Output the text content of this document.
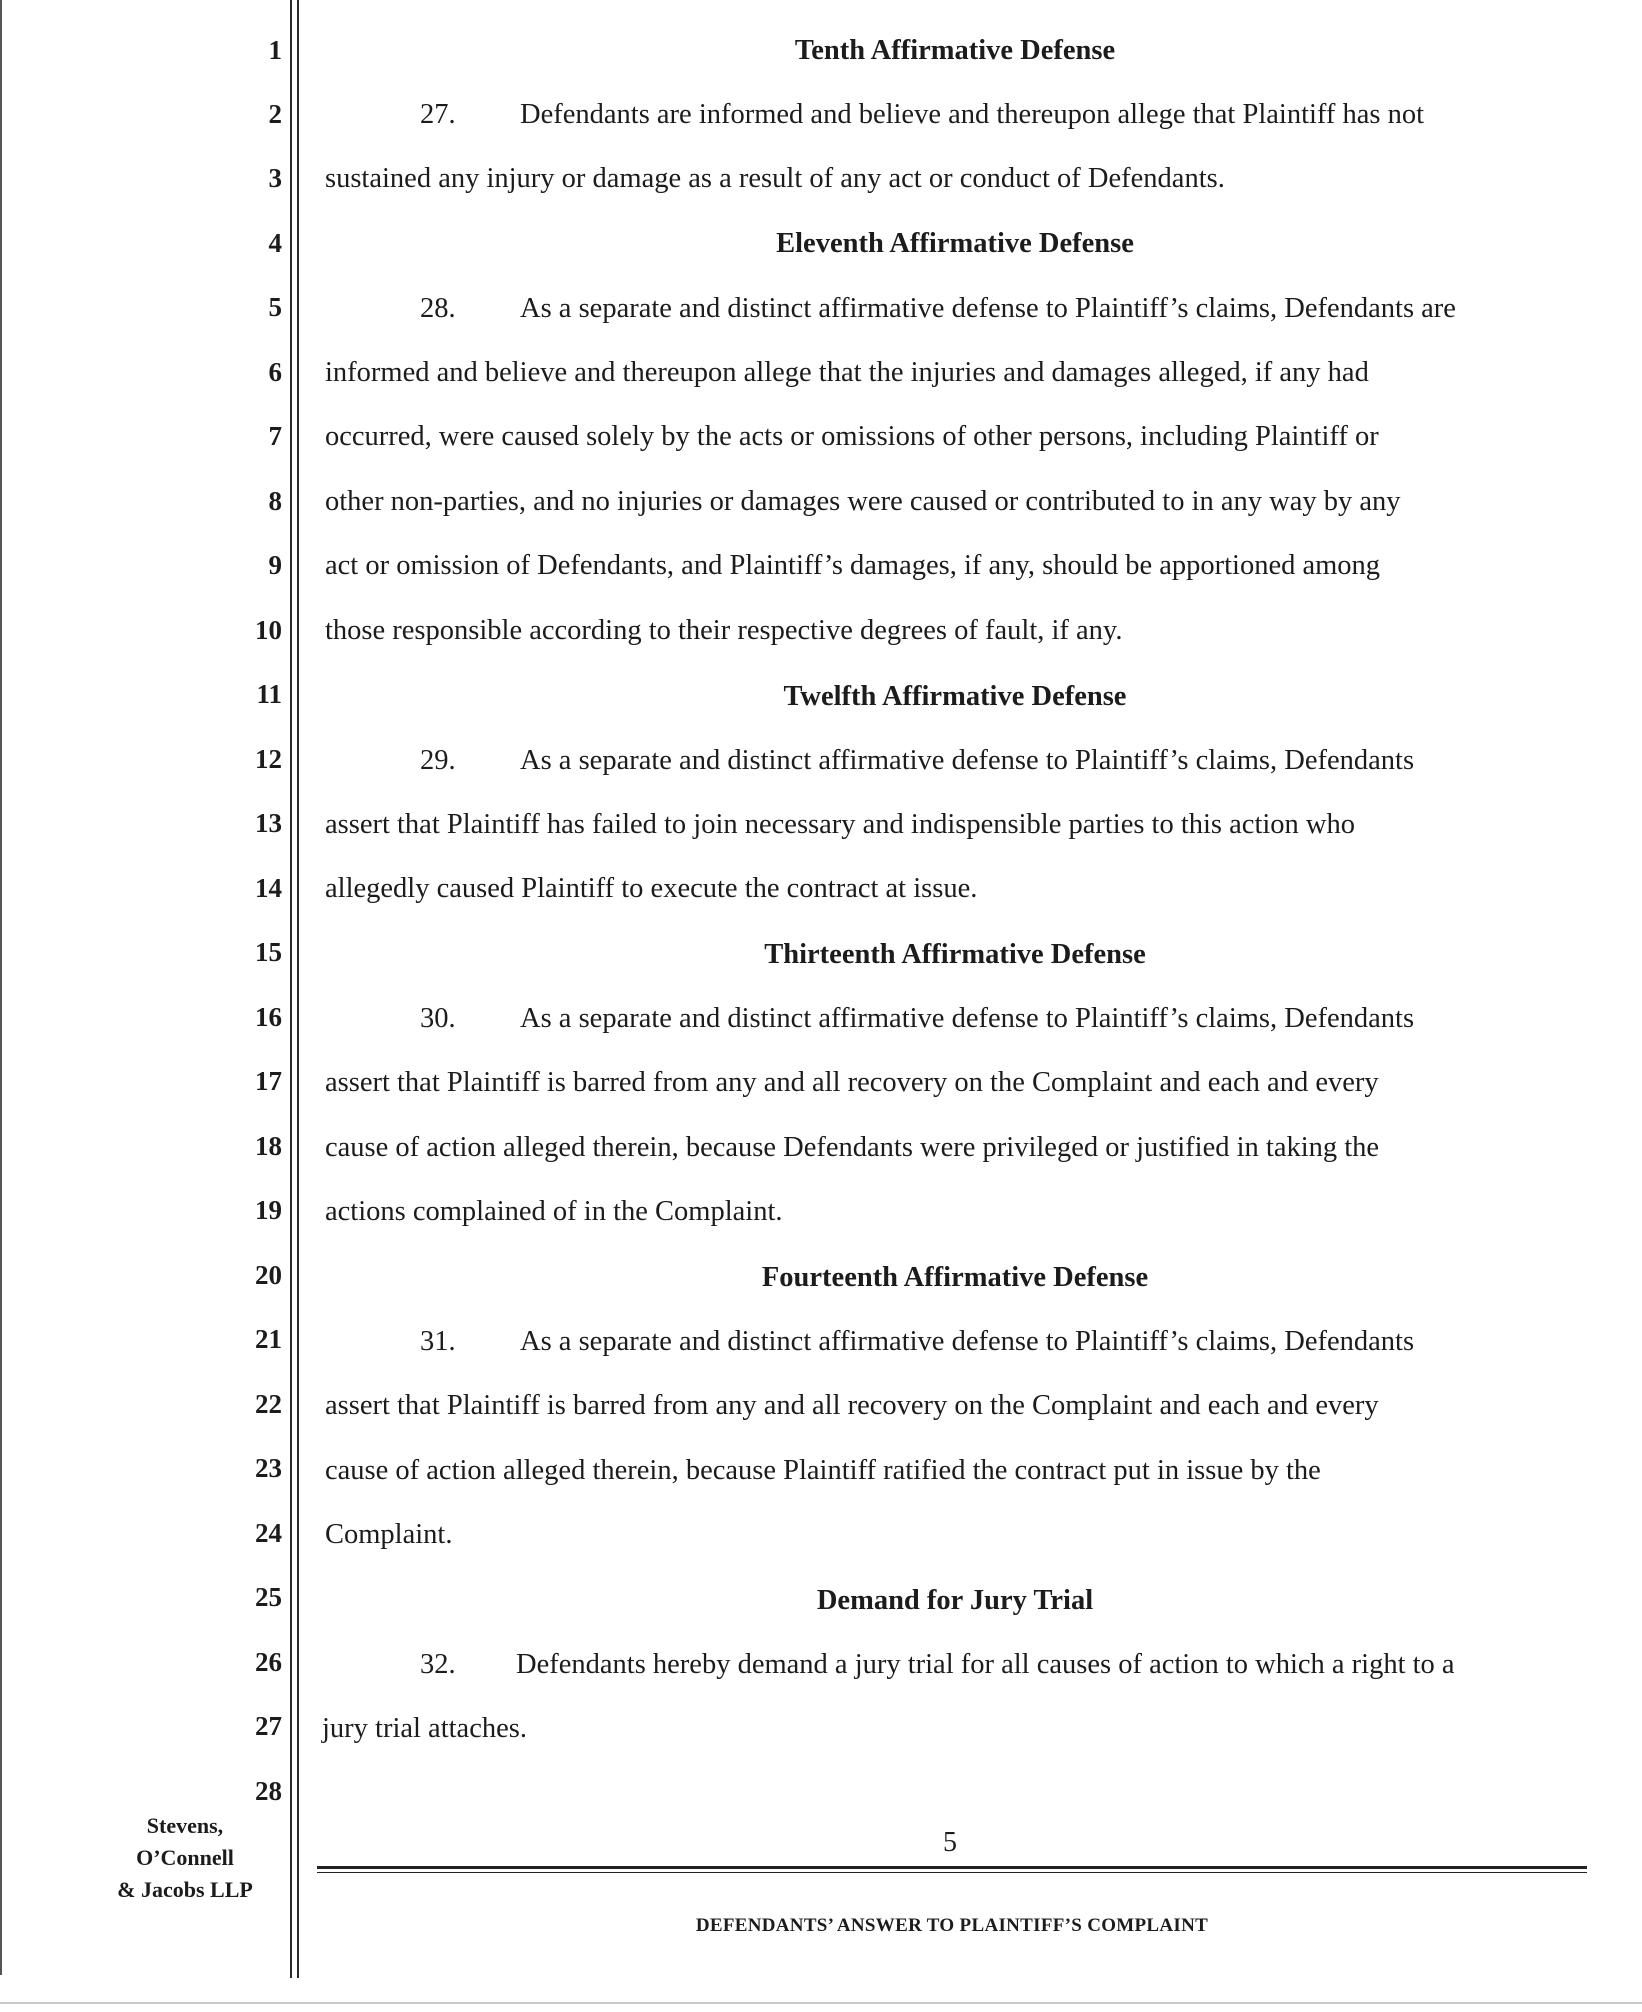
1
2
3
4
5
6
7
8
9
10
11
12
13
14
15
16
17
18
19
20
21
22
23
24
25
26
27
28
Tenth Affirmative Defense
27. Defendants are informed and believe and thereupon allege that Plaintiff has not
sustained any injury or damage as a result of any act or conduct of Defendants.
Eleventh Affirmative Defense
28. As a separate and distinct affirmative defense to Plaintiff’s claims, Defendants are
informed and believe and thereupon allege that the injuries and damages alleged, if any had
occurred, were caused solely by the acts or omissions of other persons, including Plaintiff or
other non-parties, and no injuries or damages were caused or contributed to in any way by any
act or omission of Defendants, and Plaintiff’s damages, if any, should be apportioned among
those responsible according to their respective degrees of fault, if any.
Twelfth Affirmative Defense
29. As a separate and distinct affirmative defense to Plaintiff’s claims, Defendants
assert that Plaintiff has failed to join necessary and indispensible parties to this action who
allegedly caused Plaintiff to execute the contract at issue.
Thirteenth Affirmative Defense
30. As a separate and distinct affirmative defense to Plaintiff’s claims, Defendants
assert that Plaintiff is barred from any and all recovery on the Complaint and each and every
cause of action alleged therein, because Defendants were privileged or justified in taking the
actions complained of in the Complaint.
Fourteenth Affirmative Defense
31. As a separate and distinct affirmative defense to Plaintiff’s claims, Defendants
assert that Plaintiff is barred from any and all recovery on the Complaint and each and every
cause of action alleged therein, because Plaintiff ratified the contract put in issue by the
Complaint.
Demand for Jury Trial
32. Defendants hereby demand a jury trial for all causes of action to which a right to a
jury trial attaches.
Stevens,
O’Connell
& Jacobs LLP
5
DEFENDANTS’ ANSWER TO PLAINTIFF’S COMPLAINT
